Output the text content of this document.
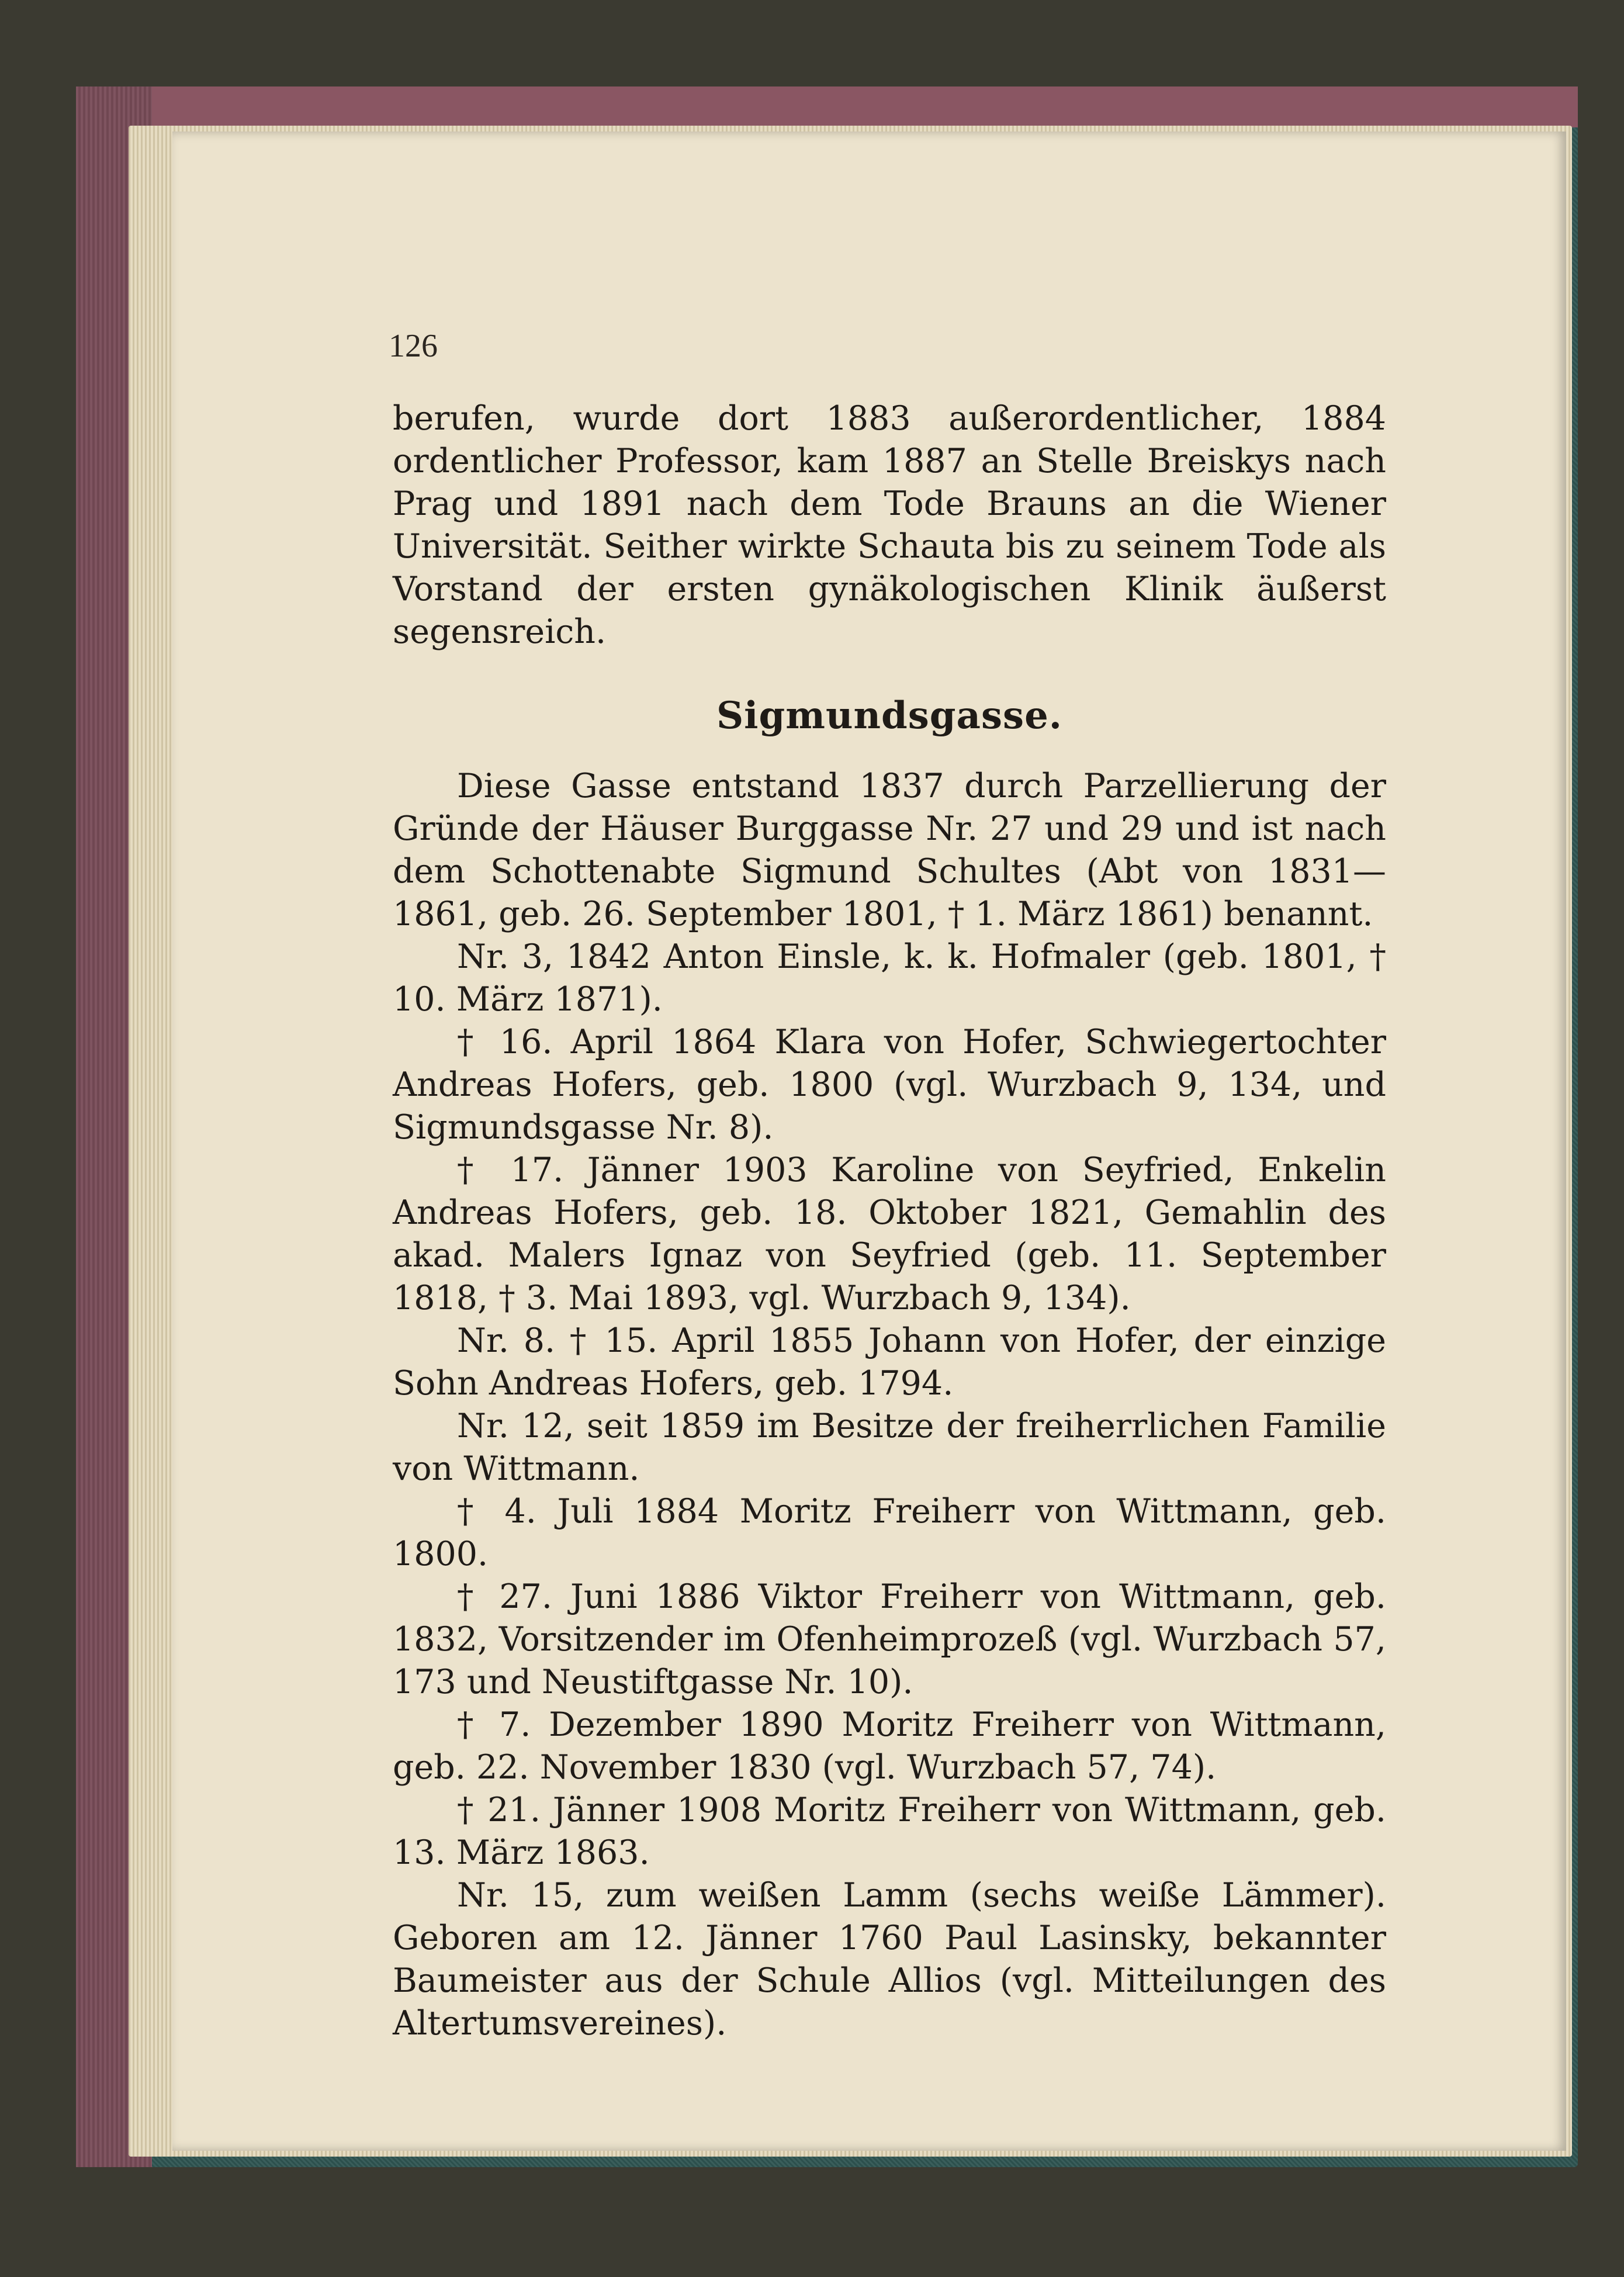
126

berufen, wurde dort 1883 außerordentlicher, 1884 ordentlicher Professor, kam 1887 an Stelle Breiskys nach Prag und 1891 nach dem Tode Brauns an die Wiener Universität. Seither wirkte Schauta bis zu seinem Tode als Vorstand der ersten gynäkologischen Klinik äußerst segensreich.

Sigmundsgasse.

Diese Gasse entstand 1837 durch Parzellierung der Gründe der Häuser Burggasse Nr. 27 und 29 und ist nach dem Schottenabte Sigmund Schultes (Abt von 1831—1861, geb. 26. September 1801, † 1. März 1861) benannt.

Nr. 3, 1842 Anton Einsle, k. k. Hofmaler (geb. 1801, † 10. März 1871).

† 16. April 1864 Klara von Hofer, Schwiegertochter Andreas Hofers, geb. 1800 (vgl. Wurzbach 9, 134, und Sigmundsgasse Nr. 8).

† 17. Jänner 1903 Karoline von Seyfried, Enkelin Andreas Hofers, geb. 18. Oktober 1821, Gemahlin des akad. Malers Ignaz von Seyfried (geb. 11. September 1818, † 3. Mai 1893, vgl. Wurzbach 9, 134).

Nr. 8. † 15. April 1855 Johann von Hofer, der einzige Sohn Andreas Hofers, geb. 1794.

Nr. 12, seit 1859 im Besitze der freiherrlichen Familie von Wittmann.

† 4. Juli 1884 Moritz Freiherr von Wittmann, geb. 1800.

† 27. Juni 1886 Viktor Freiherr von Wittmann, geb. 1832, Vorsitzender im Ofenheimprozeß (vgl. Wurzbach 57, 173 und Neustiftgasse Nr. 10).

† 7. Dezember 1890 Moritz Freiherr von Wittmann, geb. 22. November 1830 (vgl. Wurzbach 57, 74).

† 21. Jänner 1908 Moritz Freiherr von Wittmann, geb. 13. März 1863.

Nr. 15, zum weißen Lamm (sechs weiße Lämmer). Geboren am 12. Jänner 1760 Paul Lasinsky, bekannter Baumeister aus der Schule Allios (vgl. Mitteilungen des Altertumsvereines).
